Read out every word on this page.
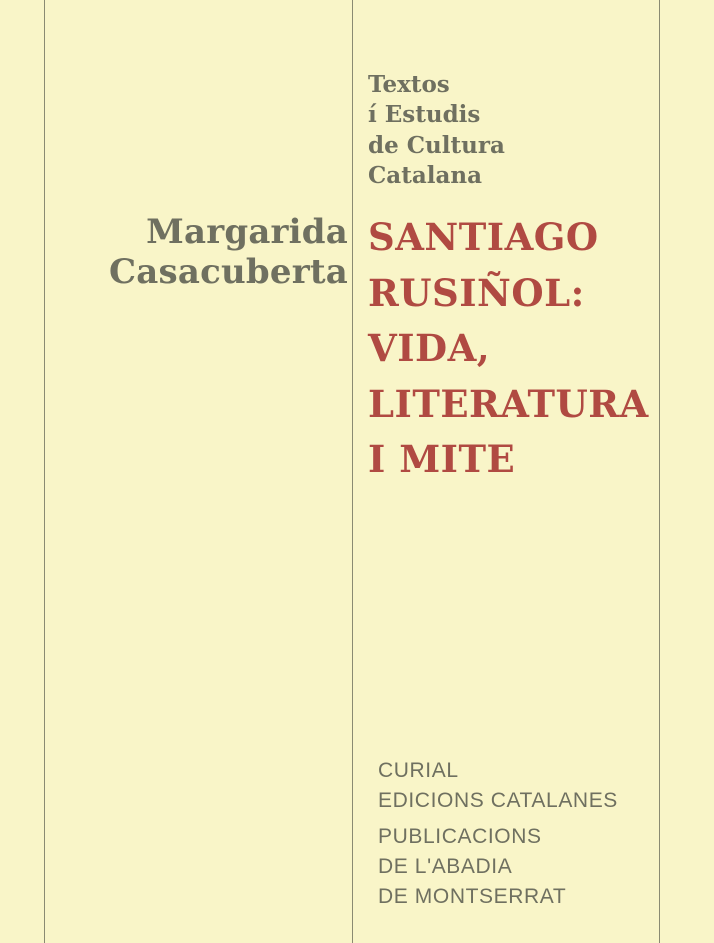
Textos
í Estudis
de Cultura
Catalana
Margarida
Casacuberta
SANTIAGO
RUSIÑOL:
VIDA,
LITERATURA
I MITE
CURIAL
EDICIONS CATALANES
PUBLICACIONS
DE L'ABADIA
DE MONTSERRAT
